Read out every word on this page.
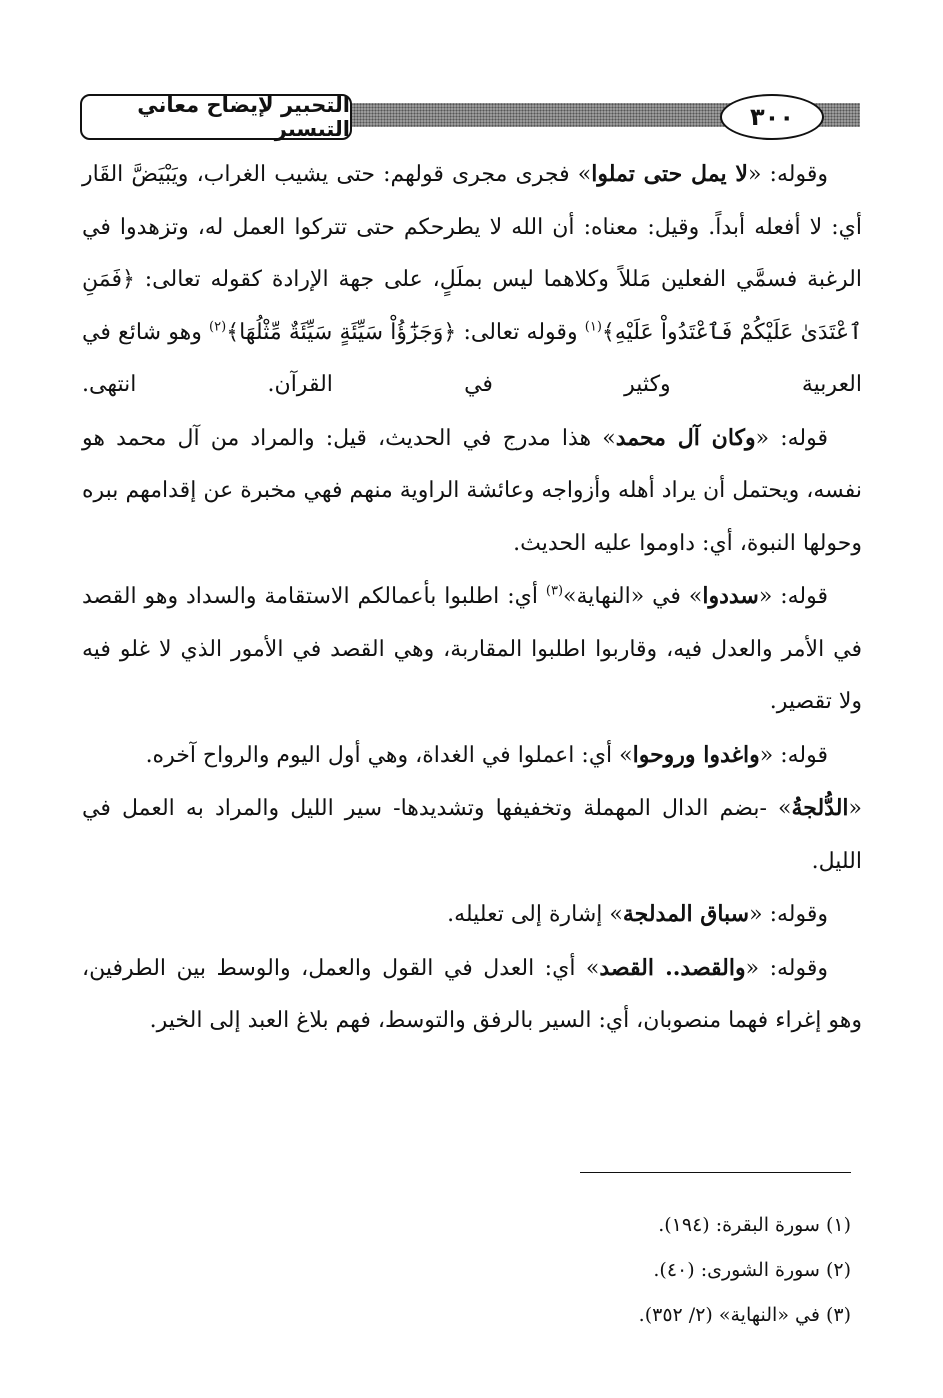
التحبير لإيضاح معاني التيسير	٣٠٠

وقوله: «لا يمل حتى تملوا» فجرى مجرى قولهم: حتى يشيب الغراب، ويَبْيَضَّ القَار أي: لا أفعله أبداً. وقيل: معناه: أن الله لا يطرحكم حتى تتركوا العمل له، وتزهدوا في الرغبة فسمَّي الفعلين مَللاً وكلاهما ليس بملَلٍ، على جهة الإرادة كقوله تعالى: ﴿فَمَنِ ٱعْتَدَىٰ عَلَيْكُمْ فَٱعْتَدُواْ عَلَيْهِ﴾$^{(١)}$ وقوله تعالى: ﴿وَجَزَٰٓؤُاْ سَيِّئَةٍ سَيِّئَةٌ مِّثْلُهَا﴾$^{(٢)}$ وهو شائع في العربية وكثير في القرآن. انتهى.

قوله: «وكان آل محمد» هذا مدرج في الحديث، قيل: والمراد من آل محمد هو نفسه، ويحتمل أن يراد أهله وأزواجه وعائشة الراوية منهم فهي مخبرة عن إقدامهم ببره وحولها النبوة، أي: داوموا عليه الحديث.

قوله: «سددوا» في «النهاية»$^{(٣)}$ أي: اطلبوا بأعمالكم الاستقامة والسداد وهو القصد في الأمر والعدل فيه، وقاربوا اطلبوا المقاربة، وهي القصد في الأمور الذي لا غلو فيه ولا تقصير.

قوله: «واغدوا وروحوا» أي: اعملوا في الغداة، وهي أول اليوم والرواح آخره.

«الدُّلجةُ» -بضم الدال المهملة وتخفيفها وتشديدها- سير الليل والمراد به العمل في الليل.

وقوله: «سباق المدلجة» إشارة إلى تعليله.

وقوله: «والقصد.. القصد» أي: العدل في القول والعمل، والوسط بين الطرفين، وهو إغراء فهما منصوبان، أي: السير بالرفق والتوسط، فهم بلاغ العبد إلى الخير.

(١) سورة البقرة: (١٩٤).

(٢) سورة الشورى: (٤٠).

(٣) في «النهاية» (٢/ ٣٥٢).
